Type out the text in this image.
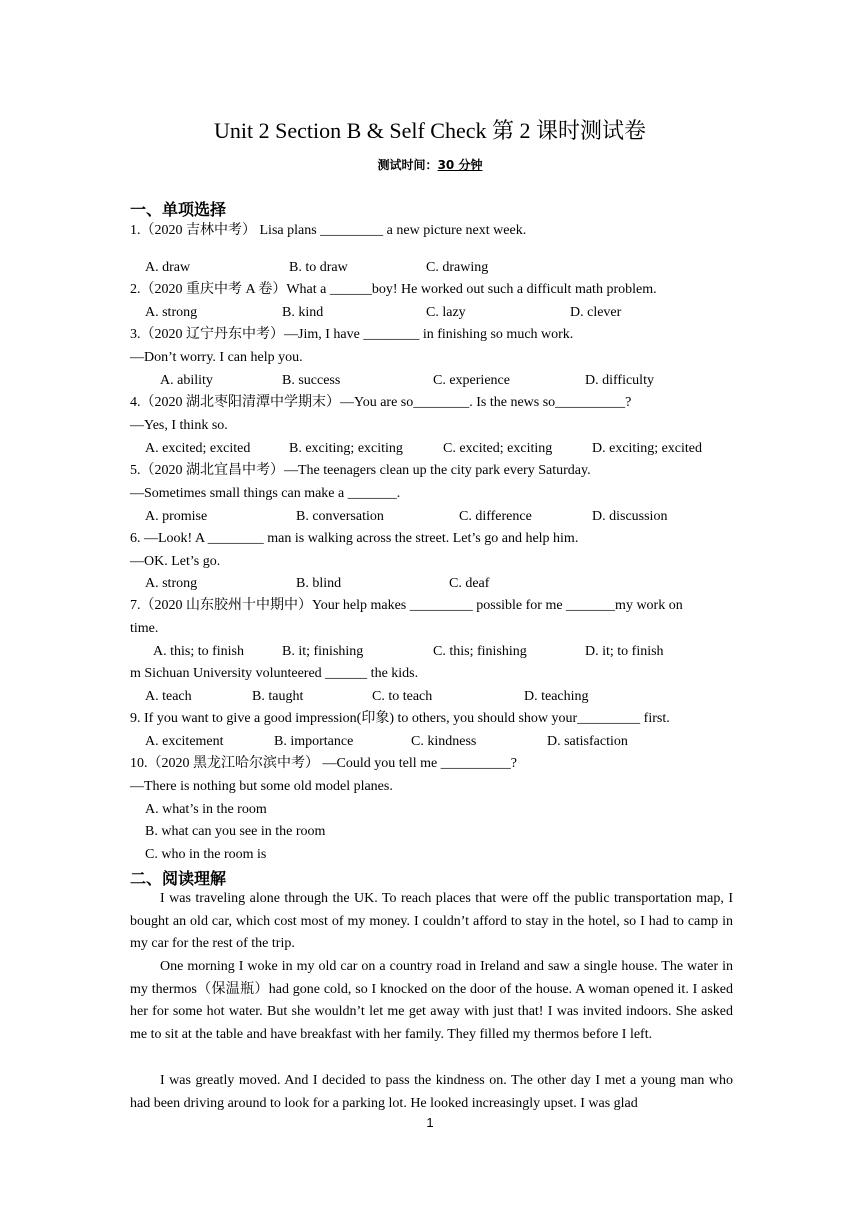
Unit 2 Section B & Self Check 第 2 课时测试卷
测试时间：30 分钟
一、单项选择
1.（2020 吉林中考） Lisa plans _________ a new picture next week.
A. draw	B. to draw	C. drawing
2.（2020 重庆中考 A 卷）What a ______boy! He worked out such a difficult math problem.
A. strong	B. kind	C. lazy	D. clever
3.（2020 辽宁丹东中考）—Jim, I have ________ in finishing so much work.
—Don’t worry. I can help you.
A. ability	B. success	C. experience	D. difficulty
4.（2020 湖北枣阳清潭中学期末）—You are so________. Is the news so__________?
—Yes, I think so.
A. excited; excited	B. exciting; exciting	C. excited; exciting	D. exciting; excited
5.（2020 湖北宜昌中考）—The teenagers clean up the city park every Saturday.
—Sometimes small things can make a _______.
A. promise	B. conversation	C. difference	D. discussion
6. —Look! A ________ man is walking across the street. Let’s go and help him.
—OK. Let’s go.
A. strong	B. blind	C. deaf
7.（2020 山东胶州十中期中）Your help makes _________ possible for me _______my work on
time.
A. this; to finish	B. it; finishing	C. this; finishing	D. it; to finish
m Sichuan University volunteered ______ the kids.
A. teach	B. taught	C. to teach	D. teaching
9. If you want to give a good impression(印象) to others, you should show your_________ first.
A. excitement	B. importance	C. kindness	D. satisfaction
10.（2020 黑龙江哈尔滨中考） —Could you tell me __________?
—There is nothing but some old model planes.
A. what’s in the room
B. what can you see in the room
C. who in the room is
二、阅读理解

I was traveling alone through the UK. To reach places that were off the public transportation map, I bought an old car, which cost most of my money. I couldn’t afford to stay in the hotel, so I had to camp in my car for the rest of the trip.

One morning I woke in my old car on a country road in Ireland and saw a single house. The water in my thermos（保温瓶）had gone cold, so I knocked on the door of the house. A woman opened it. I asked her for some hot water. But she wouldn’t let me get away with just that! I was invited indoors. She asked me to sit at the table and have breakfast with her family. They filled my thermos before I left.

I was greatly moved. And I decided to pass the kindness on. The other day I met a young man who had been driving around to look for a parking lot. He looked increasingly upset. I was glad

1
